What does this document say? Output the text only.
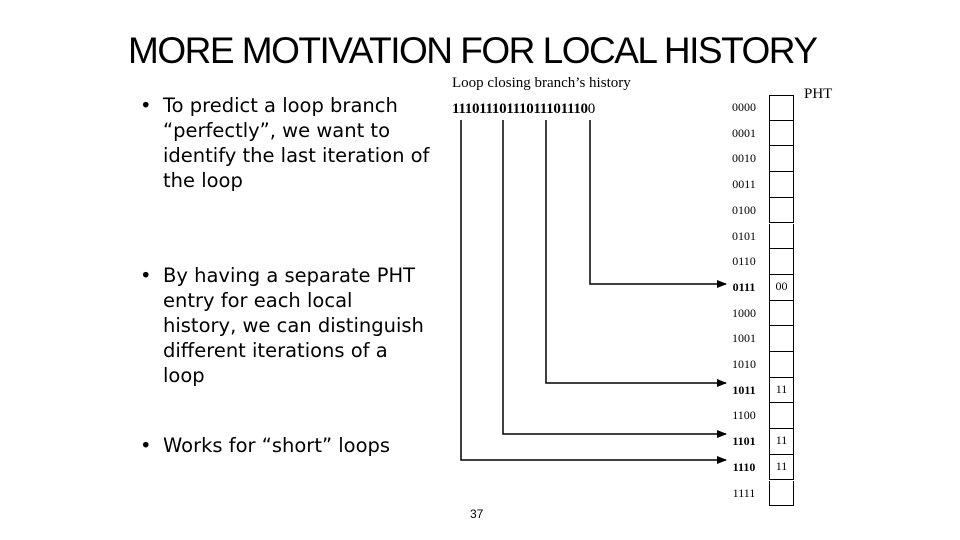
MORE MOTIVATION FOR LOCAL HISTORY
• To predict a loop branch “perfectly”, we want to identify the last iteration of the loop
• By having a separate PHT entry for each local history, we can distinguish different iterations of a loop
• Works for “short” loops
Loop closing branch’s history
111011101110111011100
PHT
0000
0001
0010
0011
0100
0101
0110
0111	00
1000
1001
1010
1011	11
1100
1101	11
1110	11
1111
37
